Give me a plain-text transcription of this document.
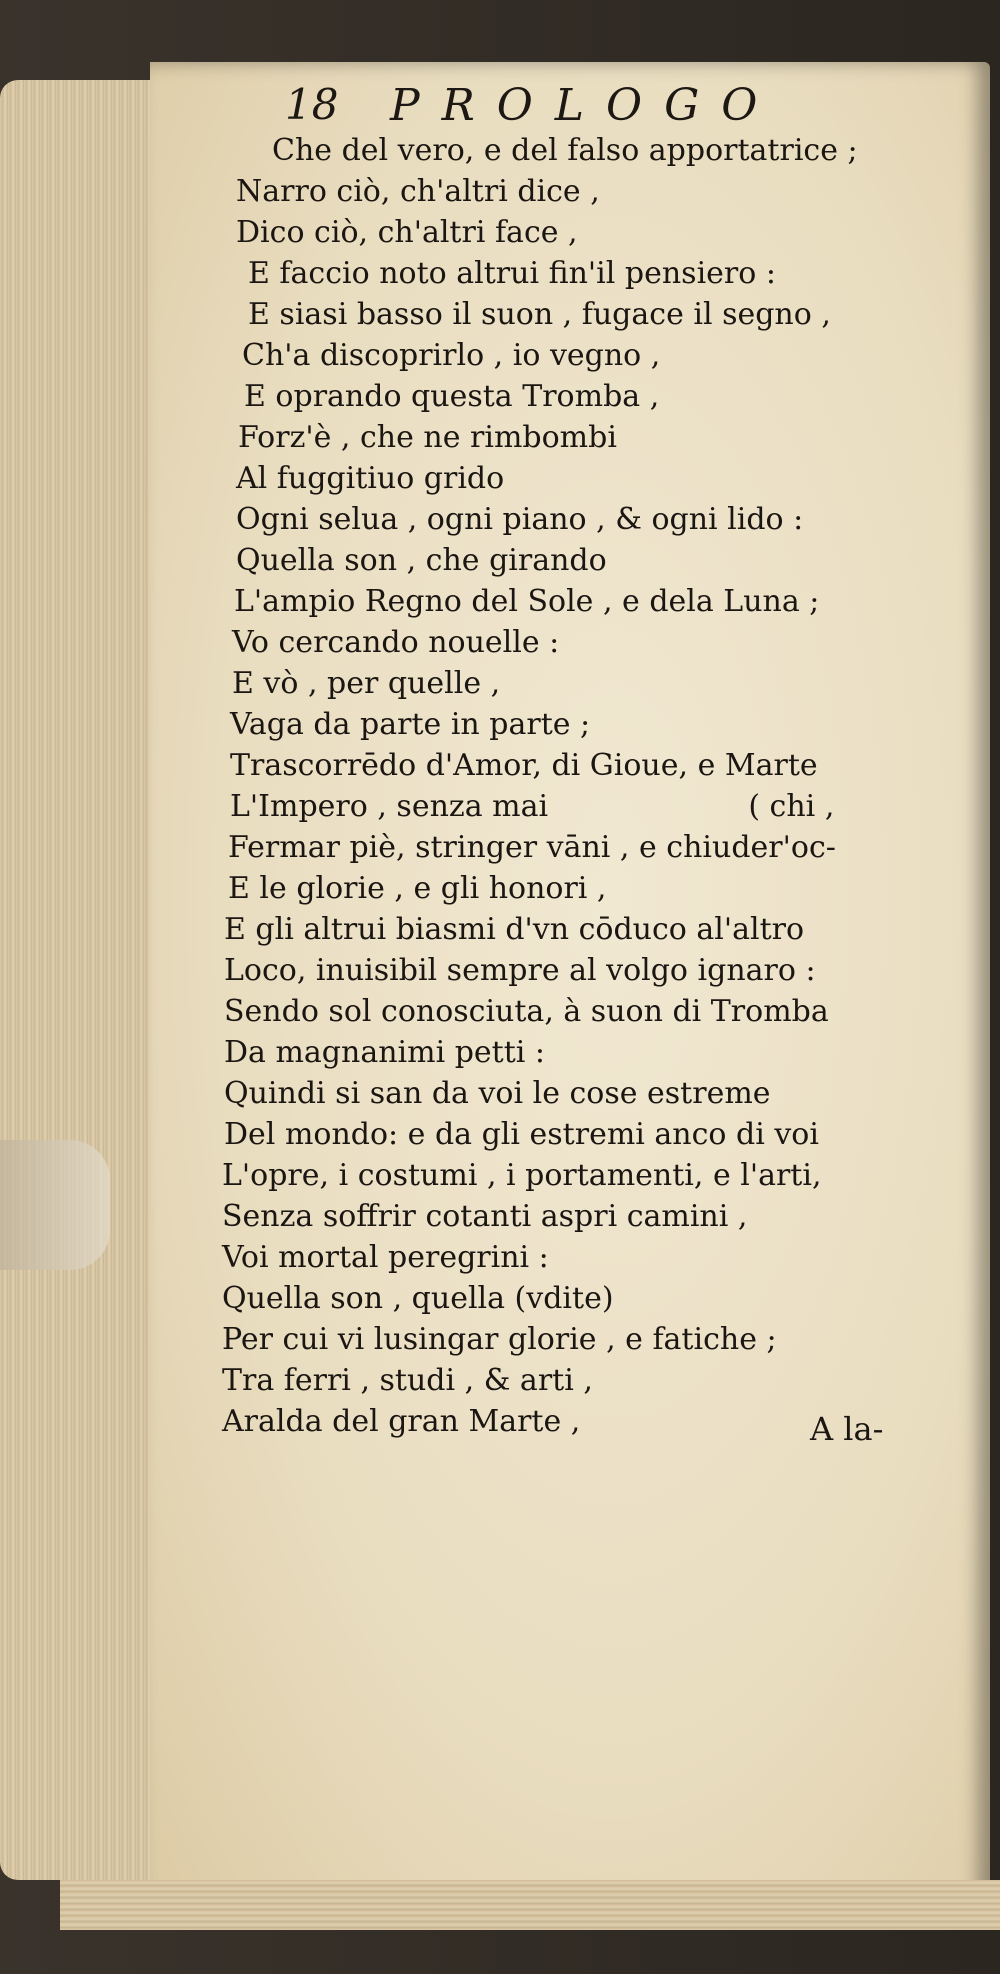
18 PROLOGO
Che del vero, e del falso apportatrice ;
Narro ciò, ch'altri dice ,
Dico ciò, ch'altri face ,
E faccio noto altrui fin'il pensiero :
E siasi basso il suon , fugace il segno ,
Ch'a discoprirlo , io vegno ,
E oprando questa Tromba ,
Forz'è , che ne rimbombi
Al fuggitiuo grido
Ogni selua , ogni piano , & ogni lido :
Quella son , che girando
L'ampio Regno del Sole , e dela Luna ;
Vo cercando nouelle :
E vò , per quelle ,
Vaga da parte in parte ;
Trascorrēdo d'Amor, di Gioue, e Marte
L'Impero , senza mai                     ( chi ,
Fermar piè, stringer vāni , e chiuder'oc-
E le glorie , e gli honori ,
E gli altrui biasmi d'vn cōduco al'altro
Loco, inuisibil sempre al volgo ignaro :
Sendo sol conosciuta, à suon di Tromba
Da magnanimi petti :
Quindi si san da voi le cose estreme
Del mondo: e da gli estremi anco di voi
L'opre, i costumi , i portamenti, e l'arti,
Senza soffrir cotanti aspri camini ,
Voi mortal peregrini :
Quella son , quella (vdite)
Per cui vi lusingar glorie , e fatiche ;
Tra ferri , studi , & arti ,
Aralda del gran Marte ,	A la-
